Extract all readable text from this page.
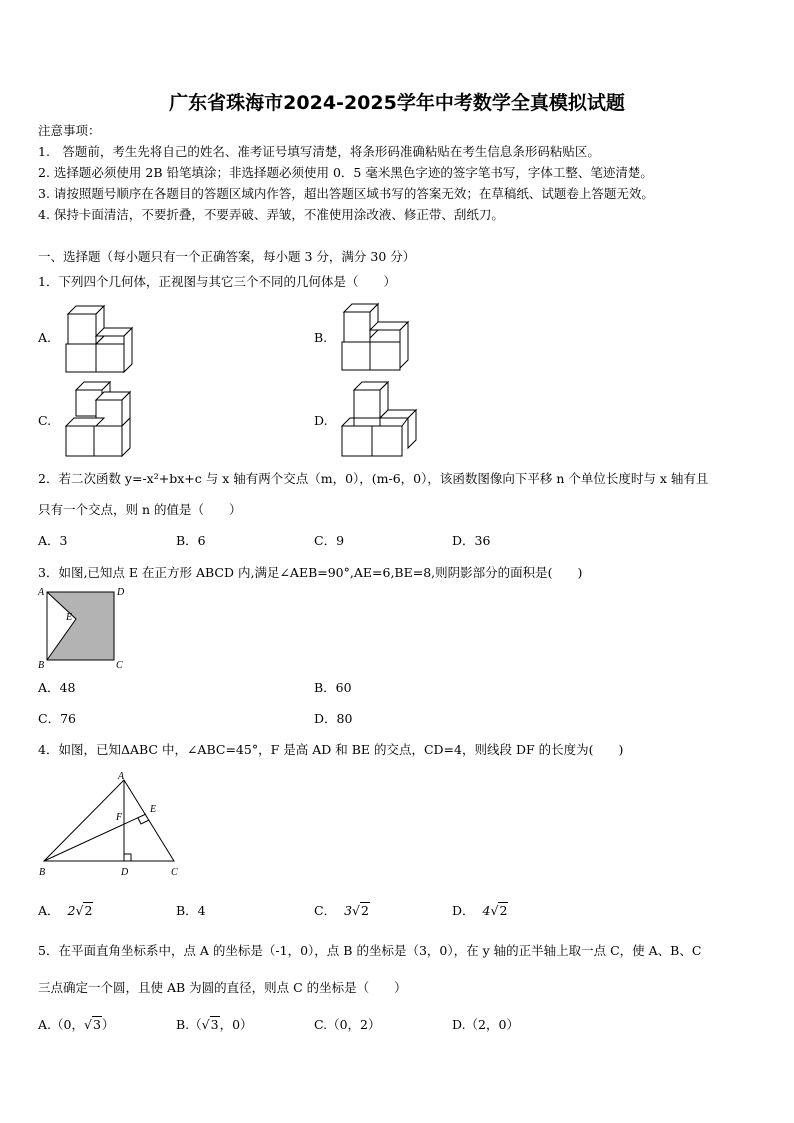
广东省珠海市2024-2025学年中考数学全真模拟试题
注意事项：
1.　答题前，考生先将自己的姓名、准考证号填写清楚，将条形码准确粘贴在考生信息条形码粘贴区。
2. 选择题必须使用 2B 铅笔填涂；非选择题必须使用 0．5 毫米黑色字迹的签字笔书写，字体工整、笔迹清楚。
3. 请按照题号顺序在各题目的答题区域内作答，超出答题区域书写的答案无效；在草稿纸、试题卷上答题无效。
4. 保持卡面清洁，不要折叠，不要弄破、弄皱，不准使用涂改液、修正带、刮纸刀。
一、选择题（每小题只有一个正确答案，每小题 3 分，满分 30 分）
1．下列四个几何体，正视图与其它三个不同的几何体是（　　）
A.	B.
C.	D.
2．若二次函数 y=-x²+bx+c 与 x 轴有两个交点（m，0），(m-6，0），该函数图像向下平移 n 个单位长度时与 x 轴有且
只有一个交点，则 n 的值是（　　）
A．3	B．6	C．9	D．36
3．如图,已知点 E 在正方形 ABCD 内,满足∠AEB=90°,AE=6,BE=8,则阴影部分的面积是(　　)
A	D
E
B	C
A．48	B．60
C．76	D．80
4．如图，已知ΔABC 中，∠ABC=45°，F 是高 AD 和 BE 的交点，CD=4，则线段 DF 的长度为(　　)
A
E
F
B	D	C
A． 2√2	B．4	C． 3√2	D． 4√2
5．在平面直角坐标系中，点 A 的坐标是（-1，0），点 B 的坐标是（3，0），在 y 轴的正半轴上取一点 C，使 A、B、C
三点确定一个圆，且使 AB 为圆的直径，则点 C 的坐标是（　　）
A.（0，√3）	B.（√3，0）	C.（0，2）	D.（2，0）
